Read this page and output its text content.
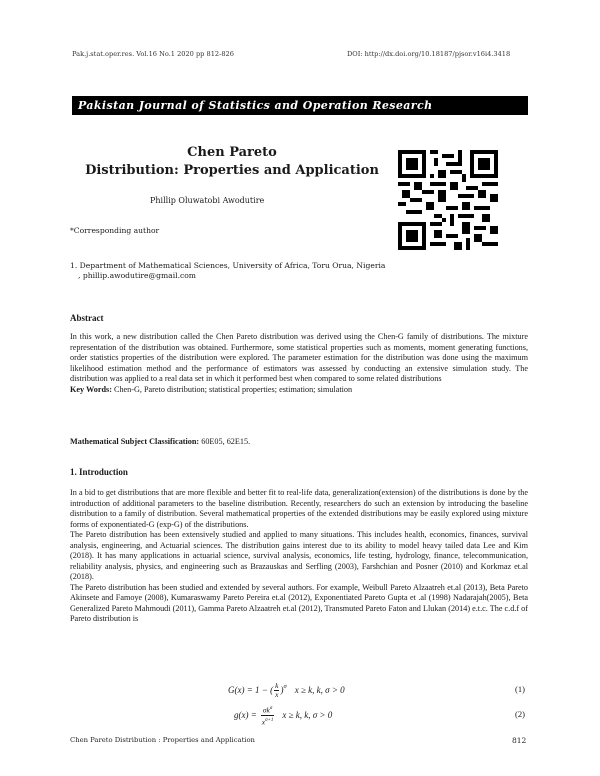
Pak.j.stat.oper.res. Vol.16 No.1 2020 pp 812-826	DOI: http://dx.doi.org/10.18187/pjsor.v16i4.3418
Pakistan Journal of Statistics and Operation Research
Chen Pareto
Distribution: Properties and Application
Phillip Oluwatobi Awodutire
*Corresponding author
1. Department of Mathematical Sciences, University of Africa, Toru Orua, Nigeria
, phillip.awodutire@gmail.com
Abstract

In this work, a new distribution called the Chen Pareto distribution was derived using the Chen-G family of distributions. The mixture representation of the distribution was obtained. Furthermore, some statistical properties such as moments, moment generating functions, order statistics properties of the distribution were explored. The parameter estimation for the distribution was done using the maximum likelihood estimation method and the performance of estimators was assessed by conducting an extensive simulation study. The distribution was applied to a real data set in which it performed best when compared to some related distributions

Key Words: Chen-G, Pareto distribution; statistical properties; estimation; simulation

Mathematical Subject Classification: 60E05, 62E15.
1. Introduction

In a bid to get distributions that are more flexible and better fit to real-life data, generalization(extension) of the distributions is done by the introduction of additional parameters to the baseline distribution. Recently, researchers do such an extension by introducing the baseline distribution to a family of distribution. Several mathematical properties of the extended distributions may be easily explored using mixture forms of exponentiated-G (exp-G) of the distributions.

The Pareto distribution has been extensively studied and applied to many situations. This includes health, economics, finances, survival analysis, engineering, and Actuarial sciences. The distribution gains interest due to its ability to model heavy tailed data Lee and Kim (2018). It has many applications in actuarial science, survival analysis, economics, life testing, hydrology, finance, telecommunication, reliability analysis, physics, and engineering such as Brazauskas and Serfling (2003), Farshchian and Posner (2010) and Korkmaz et.al (2018).

The Pareto distribution has been studied and extended by several authors. For example, Weibull Pareto Alzaatreh et.al (2013), Beta Pareto Akinsete and Famoye (2008), Kumaraswamy Pareto Pereira et.al (2012), Exponentiated Pareto Gupta et .al (1998) Nadarajah(2005), Beta Generalized Pareto Mahmoudi (2011), Gamma Pareto Alzaatreh et.al (2012), Transmuted Pareto Faton and Llukan (2014) e.t.c. The c.d.f of Pareto distribution is

G(x) = 1 − ( $\frac{k}{x} )^\sigma$ x ≥ k, k, σ > 0	(1)
$g(x) = \sigma k^\sigma$
$x^{\sigma+1}$ x ≥ k, k, σ > 0	(2)
Chen Pareto Distribution : Properties and Application	812
